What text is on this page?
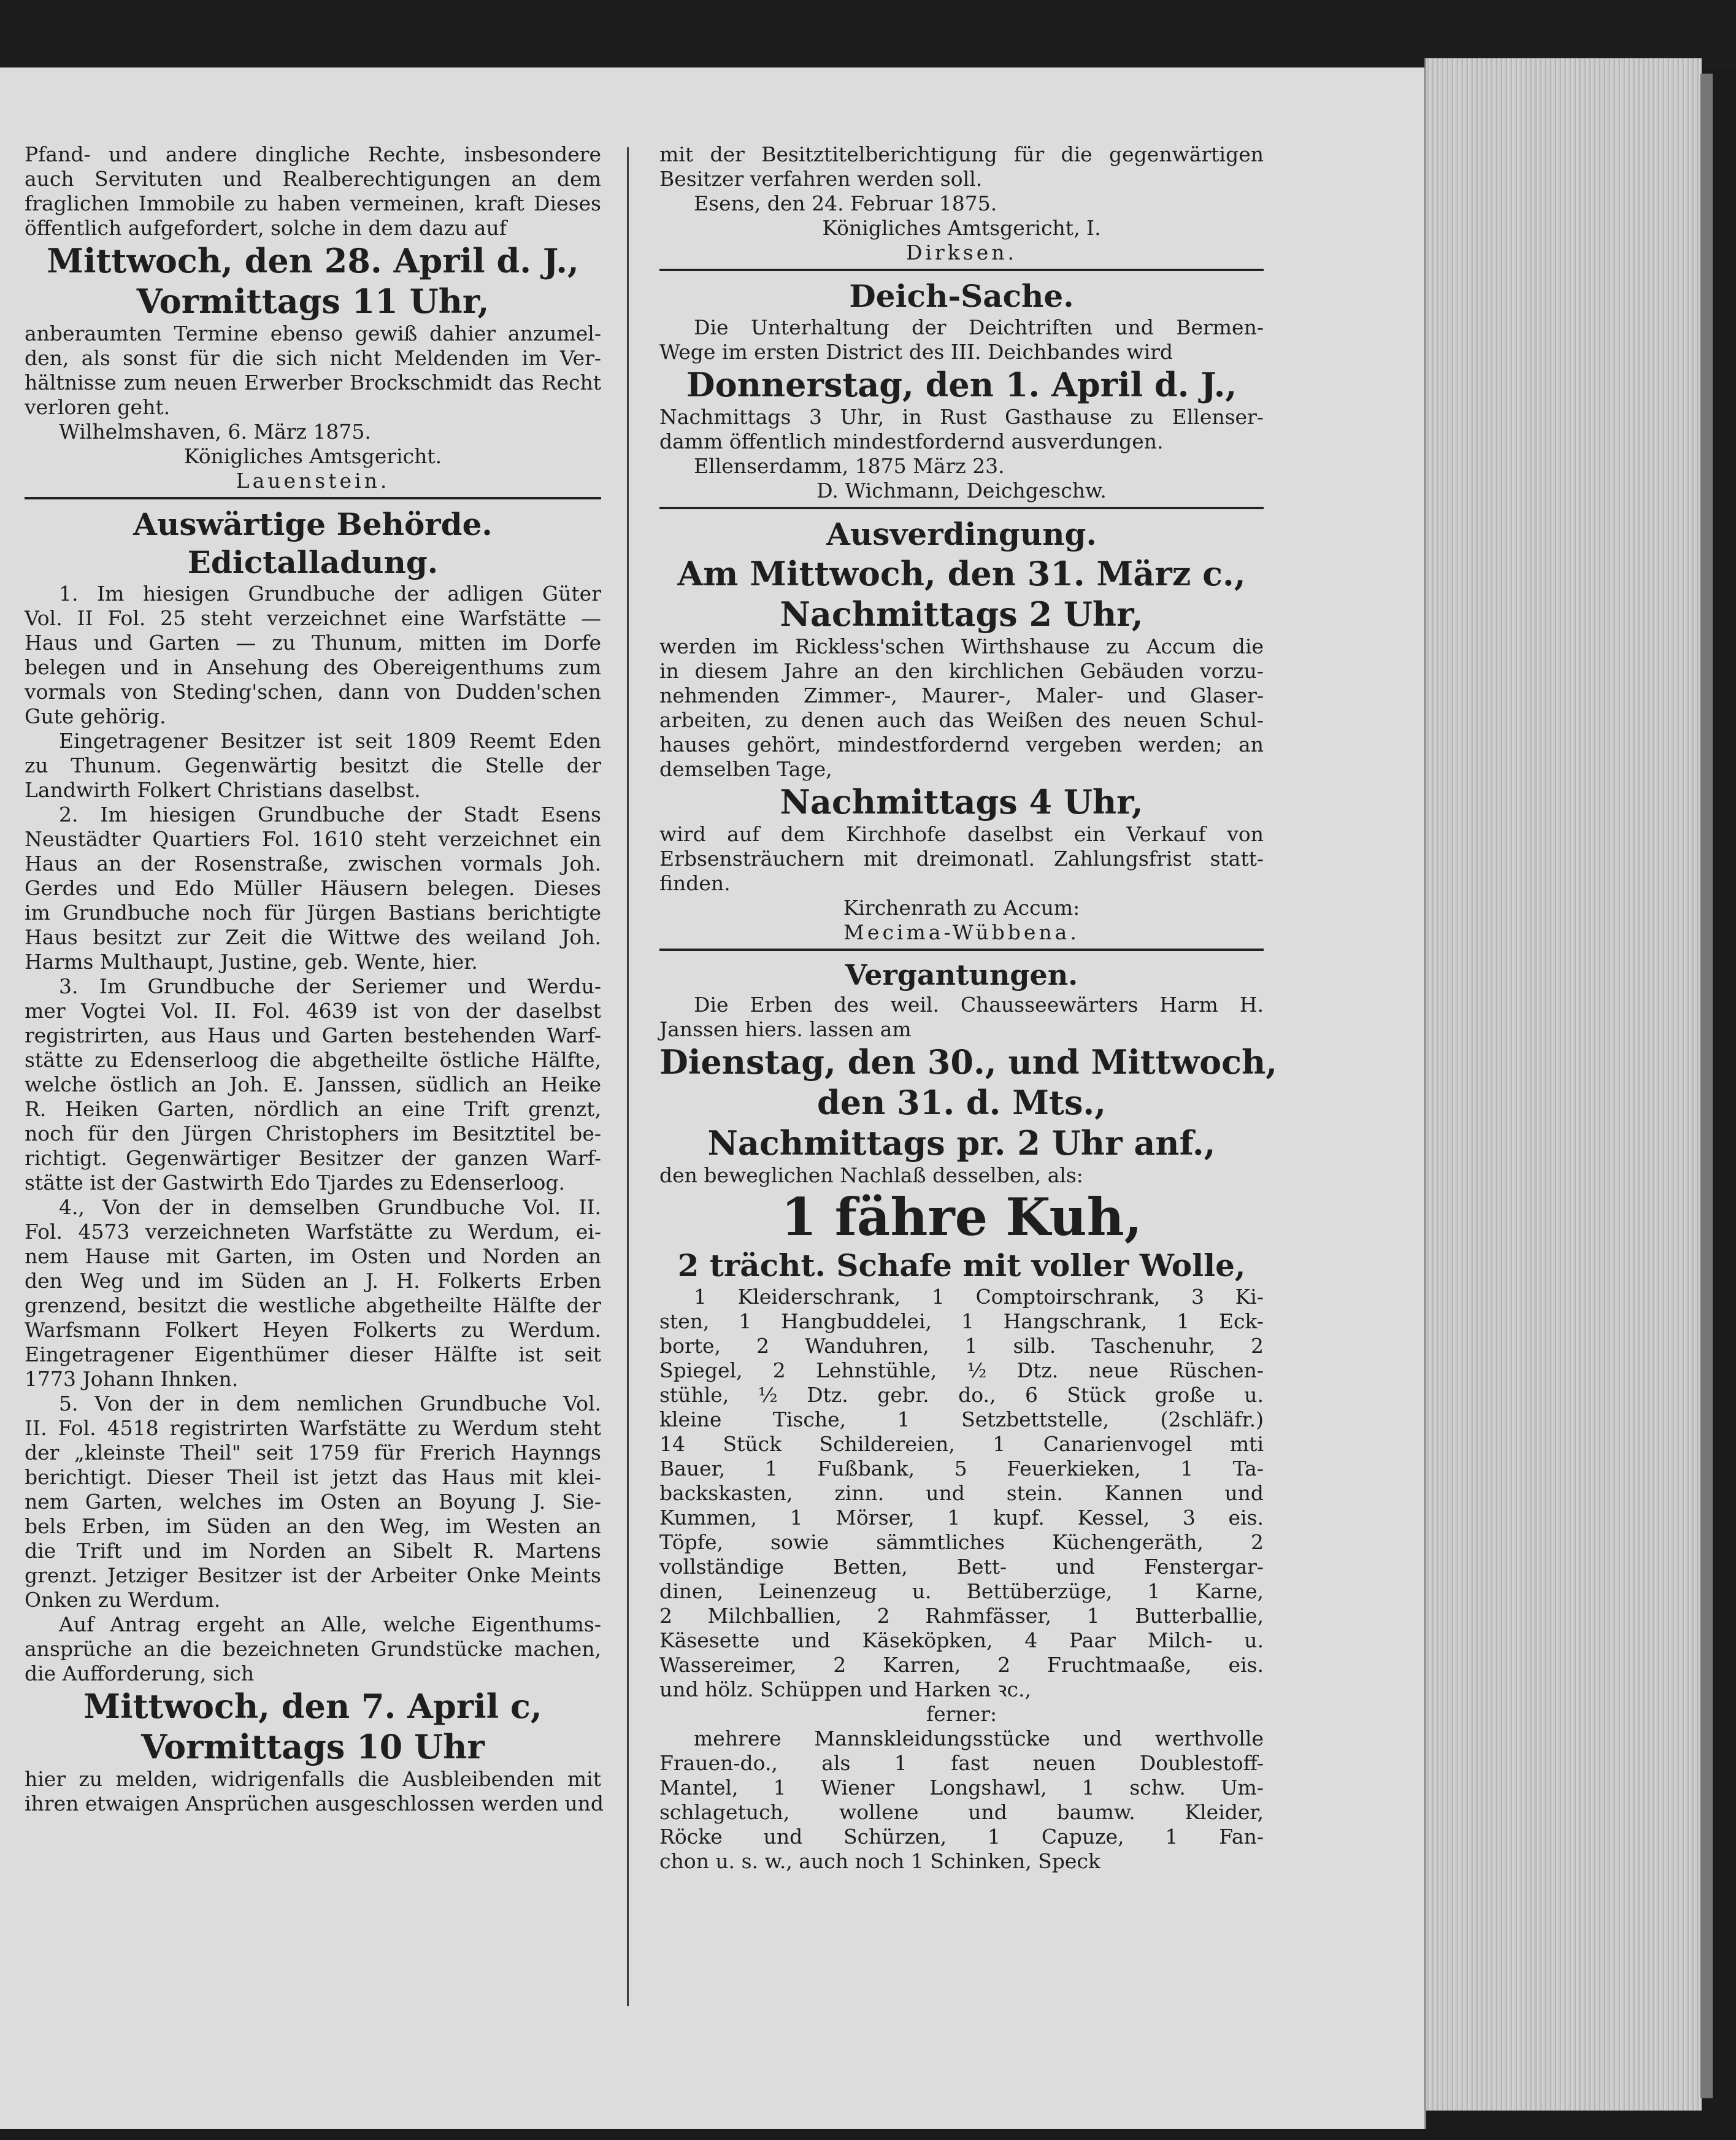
Pfand- und andere dingliche Rechte, insbesondere
auch Servituten und Realberechtigungen an dem
fraglichen Immobile zu haben vermeinen, kraft Dieses
öffentlich aufgefordert, solche in dem dazu auf
Mittwoch, den 28. April d. J.,
Vormittags 11 Uhr,
anberaumten Termine ebenso gewiß dahier anzumel-
den, als sonst für die sich nicht Meldenden im Ver-
hältnisse zum neuen Erwerber Brockschmidt das Recht
verloren geht.
Wilhelmshaven, 6. März 1875.
Königliches Amtsgericht.
Lauenstein.
Auswärtige Behörde.
Edictalladung.
1. Im hiesigen Grundbuche der adligen Güter
Vol. II Fol. 25 steht verzeichnet eine Warfstätte —
Haus und Garten — zu Thunum, mitten im Dorfe
belegen und in Ansehung des Obereigenthums zum
vormals von Steding'schen, dann von Dudden'schen
Gute gehörig.
Eingetragener Besitzer ist seit 1809 Reemt Eden
zu Thunum. Gegenwärtig besitzt die Stelle der
Landwirth Folkert Christians daselbst.
2. Im hiesigen Grundbuche der Stadt Esens
Neustädter Quartiers Fol. 1610 steht verzeichnet ein
Haus an der Rosenstraße, zwischen vormals Joh.
Gerdes und Edo Müller Häusern belegen. Dieses
im Grundbuche noch für Jürgen Bastians berichtigte
Haus besitzt zur Zeit die Wittwe des weiland Joh.
Harms Multhaupt, Justine, geb. Wente, hier.
3. Im Grundbuche der Seriemer und Werdu-
mer Vogtei Vol. II. Fol. 4639 ist von der daselbst
registrirten, aus Haus und Garten bestehenden Warf-
stätte zu Edenserloog die abgetheilte östliche Hälfte,
welche östlich an Joh. E. Janssen, südlich an Heike
R. Heiken Garten, nördlich an eine Trift grenzt,
noch für den Jürgen Christophers im Besitztitel be-
richtigt. Gegenwärtiger Besitzer der ganzen Warf-
stätte ist der Gastwirth Edo Tjardes zu Edenserloog.
4., Von der in demselben Grundbuche Vol. II.
Fol. 4573 verzeichneten Warfstätte zu Werdum, ei-
nem Hause mit Garten, im Osten und Norden an
den Weg und im Süden an J. H. Folkerts Erben
grenzend, besitzt die westliche abgetheilte Hälfte der
Warfsmann Folkert Heyen Folkerts zu Werdum.
Eingetragener Eigenthümer dieser Hälfte ist seit
1773 Johann Ihnken.
5. Von der in dem nemlichen Grundbuche Vol.
II. Fol. 4518 registrirten Warfstätte zu Werdum steht
der „kleinste Theil" seit 1759 für Frerich Haynngs
berichtigt. Dieser Theil ist jetzt das Haus mit klei-
nem Garten, welches im Osten an Boyung J. Sie-
bels Erben, im Süden an den Weg, im Westen an
die Trift und im Norden an Sibelt R. Martens
grenzt. Jetziger Besitzer ist der Arbeiter Onke Meints
Onken zu Werdum.
Auf Antrag ergeht an Alle, welche Eigenthums-
ansprüche an die bezeichneten Grundstücke machen,
die Aufforderung, sich
Mittwoch, den 7. April c,
Vormittags 10 Uhr
hier zu melden, widrigenfalls die Ausbleibenden mit
ihren etwaigen Ansprüchen ausgeschlossen werden und
mit der Besitztitelberichtigung für die gegenwärtigen
Besitzer verfahren werden soll.
Esens, den 24. Februar 1875.
Königliches Amtsgericht, I.
Dirksen.
Deich-Sache.
Die Unterhaltung der Deichtriften und Bermen-
Wege im ersten District des III. Deichbandes wird
Donnerstag, den 1. April d. J.,
Nachmittags 3 Uhr, in Rust Gasthause zu Ellenser-
damm öffentlich mindestfordernd ausverdungen.
Ellenserdamm, 1875 März 23.
D. Wichmann, Deichgeschw.
Ausverdingung.
Am Mittwoch, den 31. März c.,
Nachmittags 2 Uhr,
werden im Rickless'schen Wirthshause zu Accum die
in diesem Jahre an den kirchlichen Gebäuden vorzu-
nehmenden Zimmer-, Maurer-, Maler- und Glaser-
arbeiten, zu denen auch das Weißen des neuen Schul-
hauses gehört, mindestfordernd vergeben werden; an
demselben Tage,
Nachmittags 4 Uhr,
wird auf dem Kirchhofe daselbst ein Verkauf von
Erbsensträuchern mit dreimonatl. Zahlungsfrist statt-
finden.
Kirchenrath zu Accum:
Mecima-Wübbena.
Vergantungen.
Die Erben des weil. Chausseewärters Harm H.
Janssen hiers. lassen am
Dienstag, den 30., und Mittwoch,
den 31. d. Mts.,
Nachmittags pr. 2 Uhr anf.,
den beweglichen Nachlaß desselben, als:
1 fähre Kuh,
2 trächt. Schafe mit voller Wolle,
1 Kleiderschrank, 1 Comptoirschrank, 3 Ki-
sten, 1 Hangbuddelei, 1 Hangschrank, 1 Eck-
borte, 2 Wanduhren, 1 silb. Taschenuhr, 2
Spiegel, 2 Lehnstühle, ½ Dtz. neue Rüschen-
stühle, ½ Dtz. gebr. do., 6 Stück große u.
kleine Tische, 1 Setzbettstelle, (2schläfr.)
14 Stück Schildereien, 1 Canarienvogel mti
Bauer, 1 Fußbank, 5 Feuerkieken, 1 Ta-
backskasten, zinn. und stein. Kannen und
Kummen, 1 Mörser, 1 kupf. Kessel, 3 eis.
Töpfe, sowie sämmtliches Küchengeräth, 2
vollständige Betten, Bett- und Fenstergar-
dinen, Leinenzeug u. Bettüberzüge, 1 Karne,
2 Milchballien, 2 Rahmfässer, 1 Butterballie,
Käsesette und Käseköpken, 4 Paar Milch- u.
Wassereimer, 2 Karren, 2 Fruchtmaaße, eis.
und hölz. Schüppen und Harken ꝛc.,
ferner:
mehrere Mannskleidungsstücke und werthvolle
Frauen-do., als 1 fast neuen Doublestoff-
Mantel, 1 Wiener Longshawl, 1 schw. Um-
schlagetuch, wollene und baumw. Kleider,
Röcke und Schürzen, 1 Capuze, 1 Fan-
chon u. s. w., auch noch 1 Schinken, Speck
